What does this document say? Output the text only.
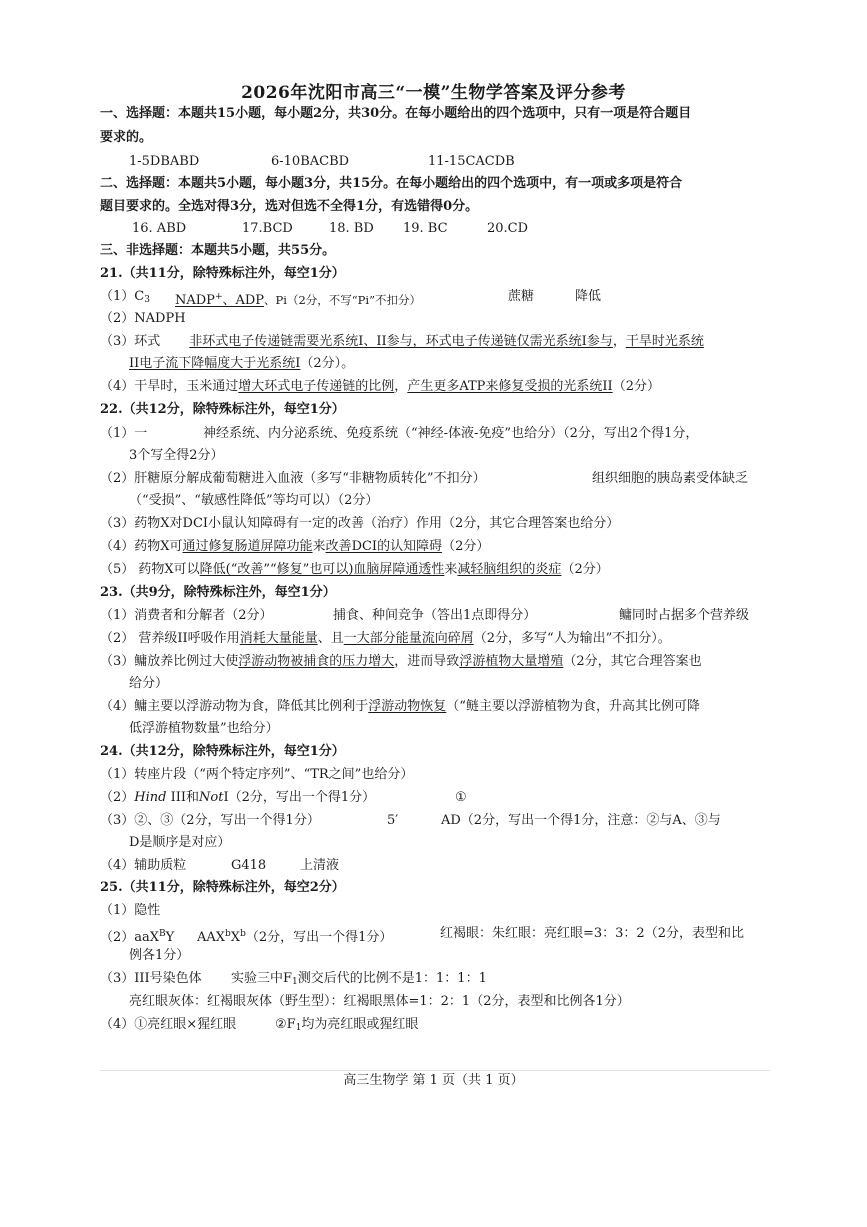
2026年沈阳市高三“一模”生物学答案及评分参考
一、选择题：本题共15小题，每小题2分，共30分。在每小题给出的四个选项中，只有一项是符合题目
要求的。
1-5DBABD	6-10BACBD	11-15CACDB
二、选择题：本题共5小题，每小题3分，共15分。在每小题给出的四个选项中，有一项或多项是符合
题目要求的。全选对得3分，选对但选不全得1分，有选错得0分。
16. ABD	17.BCD	18. BD	19. BC	20.CD
三、非选择题：本题共5小题，共55分。
21.（共11分，除特殊标注外，每空1分）
$(1)C_3$	NADP+、ADP、Pi（2分，不写“Pi”不扣分）	蔗糖	降低
（2）NADPH
（3）环式 非环式电子传递链需要光系统I、II参与，环式电子传递链仅需光系统I参与，干旱时光系统
II电子流下降幅度大于光系统I（2分）。
（4）干旱时，玉米通过增大环式电子传递链的比例，产生更多ATP来修复受损的光系统II（2分）
22.（共12分，除特殊标注外，每空1分）
（1）一	神经系统、内分泌系统、免疫系统（“神经-体液-免疫”也给分）（2分，写出2个得1分，
3个写全得2分）
（2）肝糖原分解成葡萄糖进入血液（多写“非糖物质转化”不扣分）	组织细胞的胰岛素受体缺乏
（“受损”、“敏感性降低”等均可以）（2分）
（3）药物X对DCI小鼠认知障碍有一定的改善（治疗）作用（2分，其它合理答案也给分）
（4）药物X可通过修复肠道屏障功能来改善DCI的认知障碍（2分）
（5） 药物X可以降低(“改善”“修复”也可以)血脑屏障通透性来减轻脑组织的炎症（2分）
23.（共9分，除特殊标注外，每空1分）
（1）消费者和分解者（2分）	捕食、种间竞争（答出1点即得分）	鳙同时占据多个营养级
（2） 营养级II呼吸作用消耗大量能量、且一大部分能量流向碎屑（2分，多写“人为输出”不扣分）。
（3）鳙放养比例过大使浮游动物被捕食的压力增大，进而导致浮游植物大量增殖（2分，其它合理答案也
给分）
（4）鳙主要以浮游动物为食，降低其比例利于浮游动物恢复（“鲢主要以浮游植物为食，升高其比例可降
低浮游植物数量”也给分）
24.（共12分，除特殊标注外，每空1分）
（1）转座片段（“两个特定序列”、“TR之间”也给分）
（2）Hind III和NotI（2分，写出一个得1分）	①
（3）②、③（2分，写出一个得1分）	5′	AD（2分，写出一个得1分，注意：②与A、③与
D是顺序是对应）
（4）辅助质粒	G418	上清液
25.（共11分，除特殊标注外，每空2分）
（1）隐性
（2）aaX$^B$Y	$AAX^bX^b(2$分，写出一个得1分）	红褐眼：朱红眼：亮红眼=3：3：2（2分，表型和比
例各1分）
（3）III号染色体	实验三中$F_1$测交后代的比例不是1：1：1：1
亮红眼灰体：红褐眼灰体（野生型）：红褐眼黑体=1：2：1（2分，表型和比例各1分）
（4）①亮红眼×猩红眼	$②F_1$均为亮红眼或猩红眼
高三生物学 第 1 页（共 1 页）
